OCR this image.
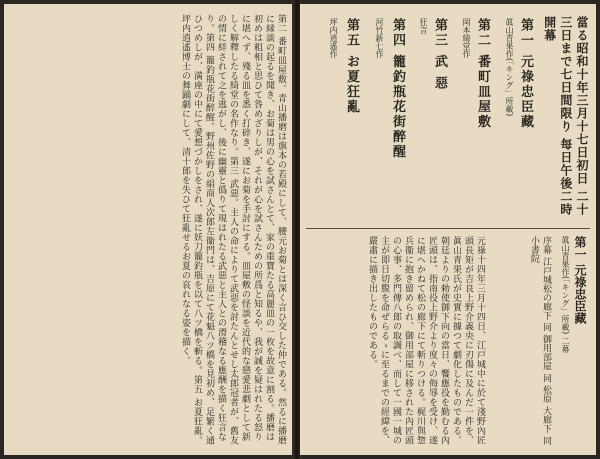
第二 番町皿屋敷。青山播磨は旗本の若殿にして、腰元お菊とは深く言ひ交した仲である。然るに播磨に縁談の起るを聞き、お菊は男の心を試さんとて、家の重寶たる高麗皿の一枚を故意に割る。播磨は初めは粗相と思ひて咎めざりしが、それが心を試さんための所爲と知るや、我が誠を疑はれたる怒りに堪へず、殘る皿を悉く打碎き、遂にお菊を手討にする。皿屋敷の怪談を近代的な戀愛悲劇として新しく解釋したる綺堂の名作なり。第三 武惡。主人の命によりて武惡を討たんとせし太郎冠者が、舊友の情に絆されて之を逃がし、後に幽靈と僞りて現はれたる武惡と主人との滑稽なる應酬を描く狂言なり。第四 籠釣瓶花街醉醒。野州佐野の絹商人次郎左衞門は、吉原にて花魁八ツ橋を見初め、足繁く通ひつめしが、満座の中にて愛想づかしをされ、遂に妖刀籠釣瓶を以て八ツ橋を斬る。第五 お夏狂亂。坪内逍遙博士の舞踊劇にして、清十郎を失ひて狂亂せるお夏の哀れなる姿を描く。	當る昭和十年三月十七日初日 二十三日まで七日間限り 每日午後二時開幕
第一 元祿忠臣藏
眞山青果作(「キング」所載)
第二 番町皿屋敷
岡本綺堂作
第三 武 惡
狂言
第四 籠釣瓶花街醉醒
河竹新七作
第五 お夏狂亂
坪内逍遙作
第一 元祿忠臣藏
眞山青果作(「キング」所載) 二幕
序幕 江戸城松の廊下 同 御用部屋 同 松原 大廊下 同 小書院
元祿十四年三月十四日、江戸城中に於て淺野內匠頭長矩が吉良上野介義央に刃傷に及んだ一件を、眞山青果氏が史實に據つて劇化したものである。朝廷よりの勅使御下向の當日、饗應役を勤むる內匠頭は、指南役上野介より度々の侮辱を受け、遂に堪へかねて松の廊下にて斬りつける。梶川與惣兵衞に抱き留められ、御用部屋に移された內匠頭の心事、多門傳八郎の取調べ、而して一國一城の主が即日切腹を命ぜらるゝに至るまでの經緯を、嚴肅に描き出したものである。
